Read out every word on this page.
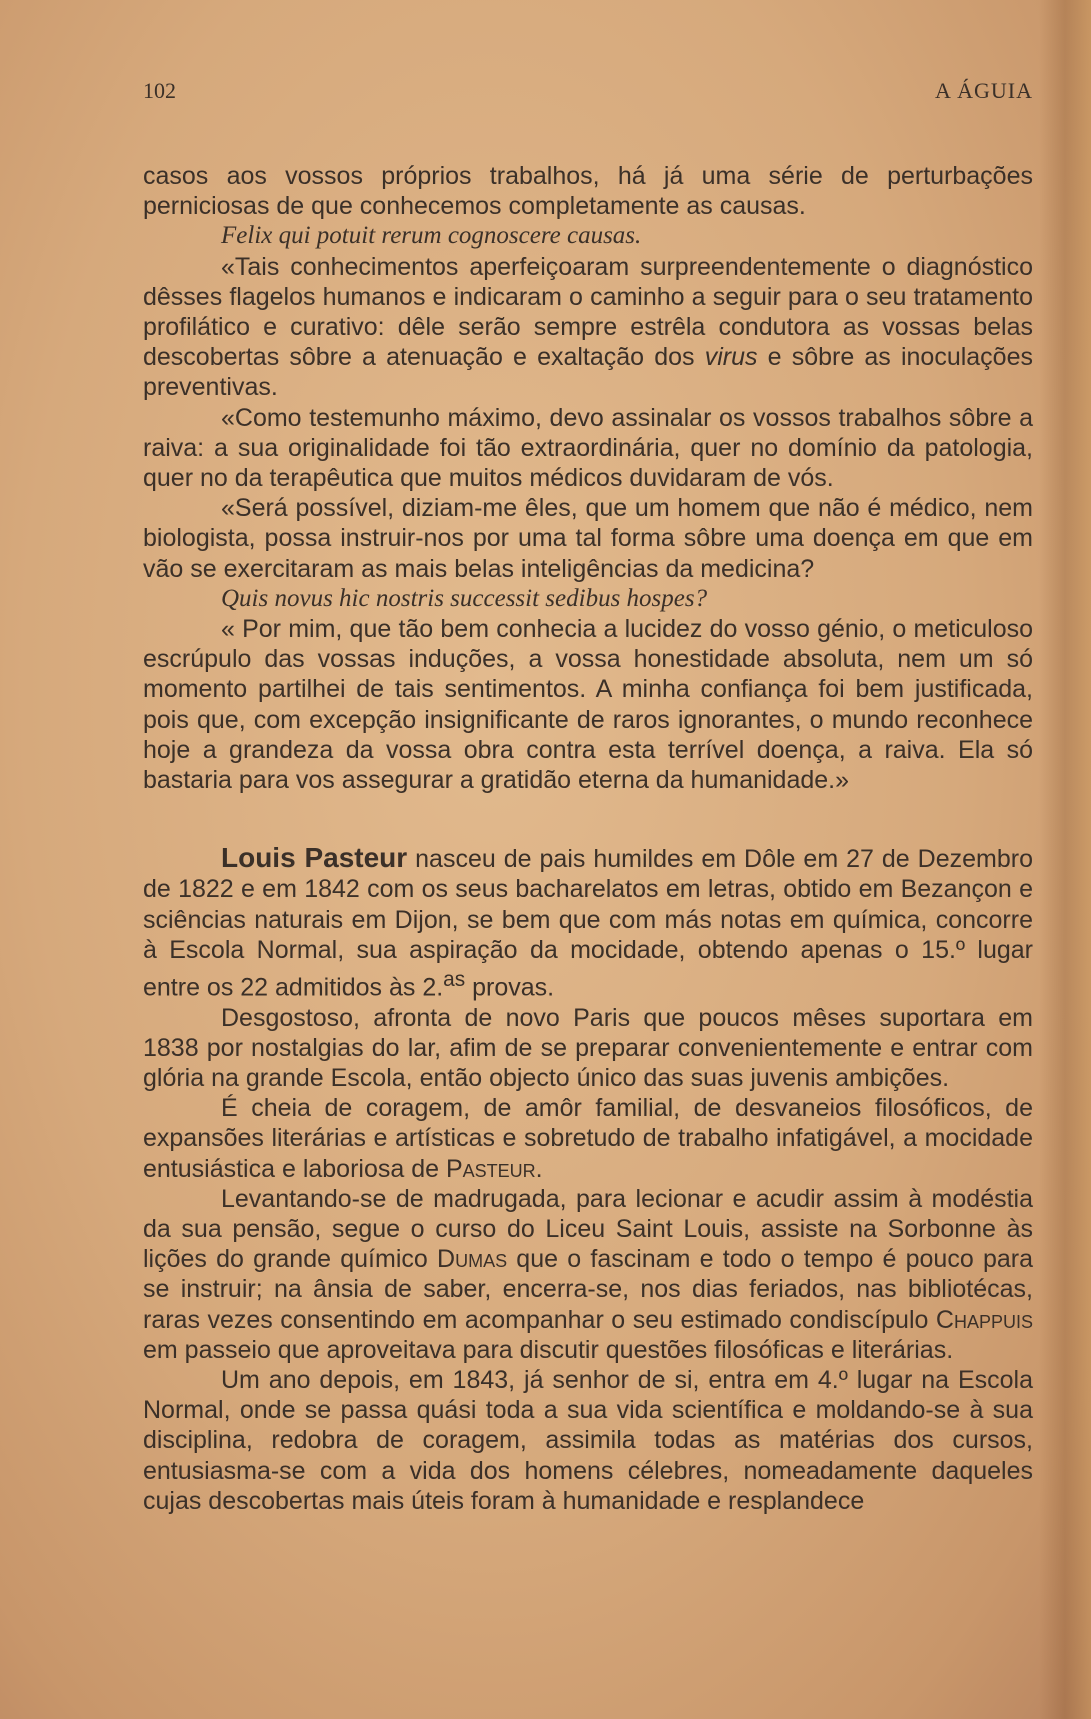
102	A ÁGUIA

casos aos vossos próprios trabalhos, há já uma série de perturbações perniciosas de que conhecemos completamente as causas.

Felix qui potuit rerum cognoscere causas.

«Tais conhecimentos aperfeiçoaram surpreendentemente o diagnóstico dêsses flagelos humanos e indicaram o caminho a seguir para o seu tratamento profilático e curativo: dêle serão sempre estrêla condutora as vossas belas descobertas sôbre a atenuação e exaltação dos virus e sôbre as inoculações preventivas.

«Como testemunho máximo, devo assinalar os vossos trabalhos sôbre a raiva: a sua originalidade foi tão extraordinária, quer no domínio da patologia, quer no da terapêutica que muitos médicos duvidaram de vós.

«Será possível, diziam-me êles, que um homem que não é médico, nem biologista, possa instruir-nos por uma tal forma sôbre uma doença em que em vão se exercitaram as mais belas inteligências da medicina?

Quis novus hic nostris successit sedibus hospes?

« Por mim, que tão bem conhecia a lucidez do vosso génio, o meticuloso escrúpulo das vossas induções, a vossa honestidade absoluta, nem um só momento partilhei de tais sentimentos. A minha confiança foi bem justificada, pois que, com excepção insignificante de raros ignorantes, o mundo reconhece hoje a grandeza da vossa obra contra esta terrível doença, a raiva. Ela só bastaria para vos assegurar a gratidão eterna da humanidade.»

Louis Pasteur nasceu de pais humildes em Dôle em 27 de Dezembro de 1822 e em 1842 com os seus bacharelatos em letras, obtido em Bezançon e sciências naturais em Dijon, se bem que com más notas em química, concorre à Escola Normal, sua aspiração da mocidade, obtendo apenas o 15.º lugar entre os 22 admitidos às 2.$^{as}$ provas.

Desgostoso, afronta de novo Paris que poucos mêses suportara em 1838 por nostalgias do lar, afim de se preparar convenientemente e entrar com glória na grande Escola, então objecto único das suas juvenis ambições.

É cheia de coragem, de amôr familial, de desvaneios filosóficos, de expansões literárias e artísticas e sobretudo de trabalho infatigável, a mocidade entusiástica e laboriosa de Pasteur.

Levantando-se de madrugada, para lecionar e acudir assim à modéstia da sua pensão, segue o curso do Liceu Saint Louis, assiste na Sorbonne às lições do grande químico Dumas que o fascinam e todo o tempo é pouco para se instruir; na ânsia de saber, encerra-se, nos dias feriados, nas bibliotécas, raras vezes consentindo em acompanhar o seu estimado condiscípulo Chappuis em passeio que aproveitava para discutir questões filosóficas e literárias.

Um ano depois, em 1843, já senhor de si, entra em 4.º lugar na Escola Normal, onde se passa quási toda a sua vida scientífica e moldando-se à sua disciplina, redobra de coragem, assimila todas as matérias dos cursos, entusiasma-se com a vida dos homens célebres, nomeadamente daqueles cujas descobertas mais úteis foram à humanidade e resplandece
